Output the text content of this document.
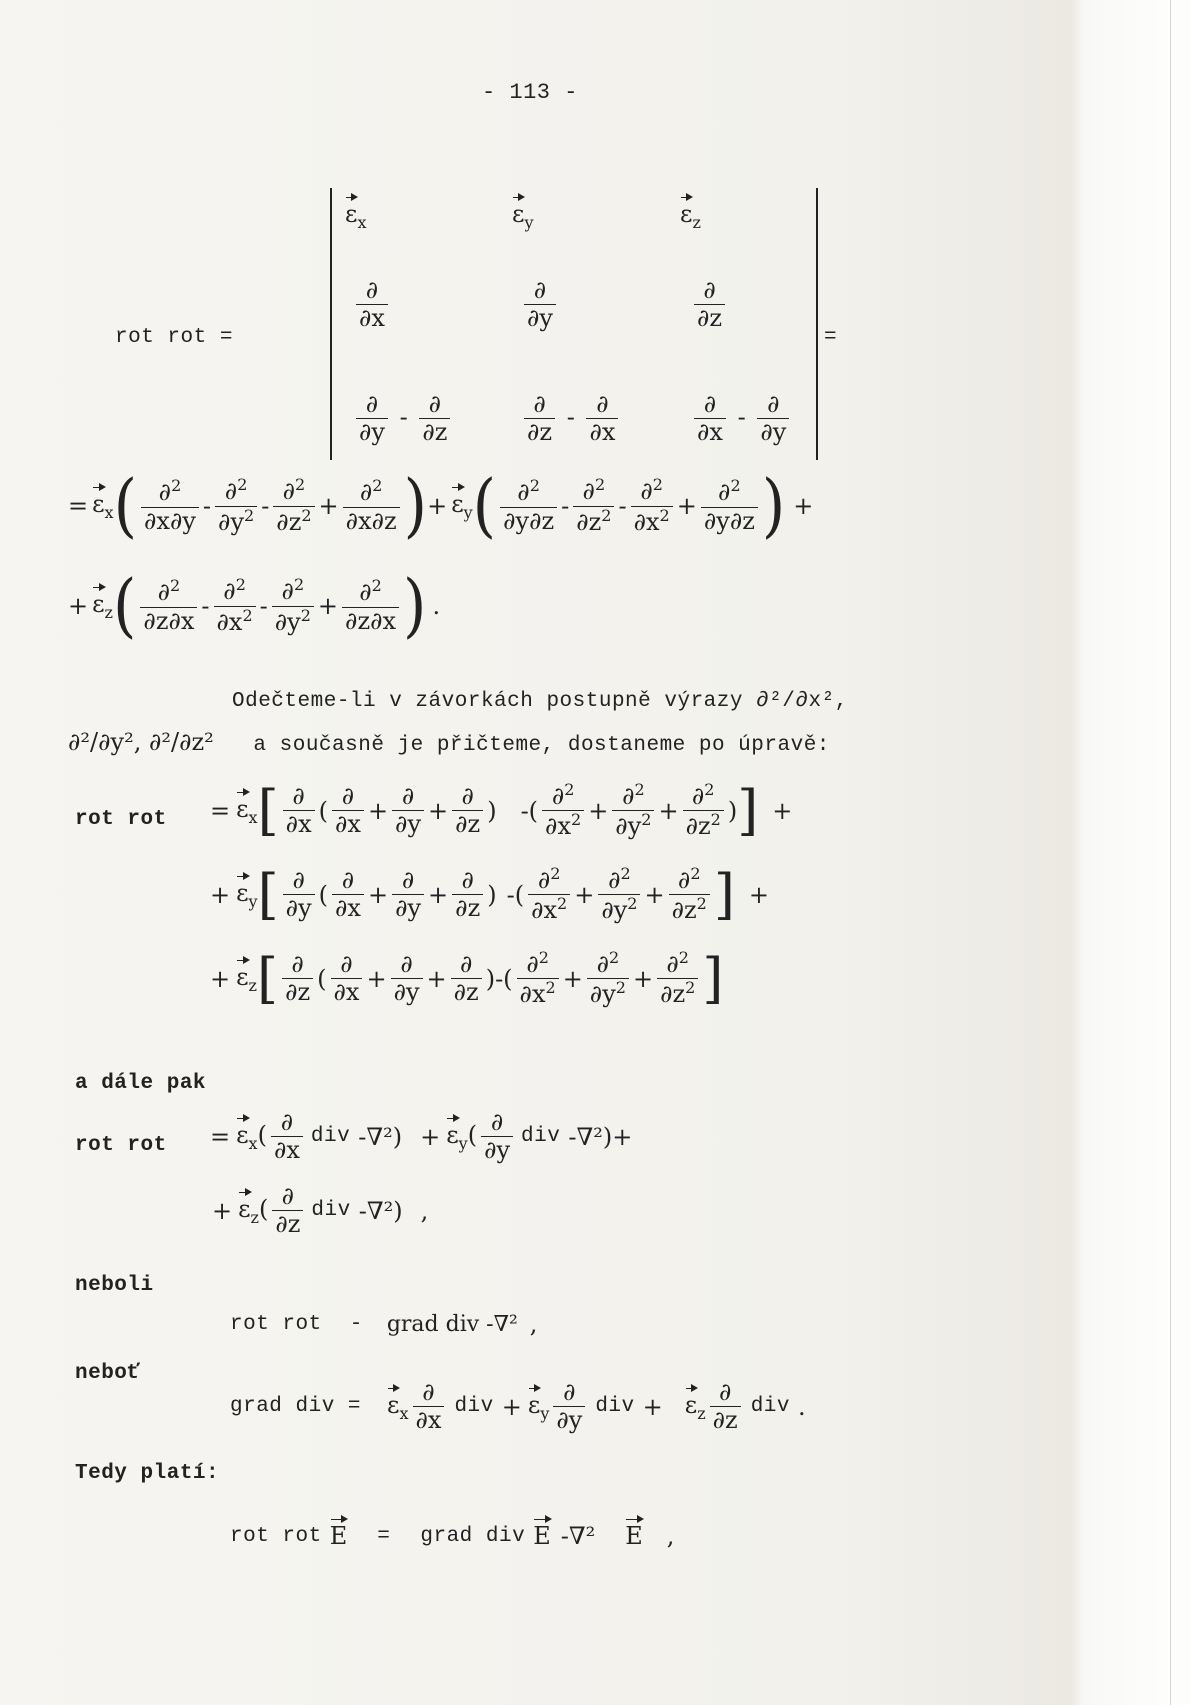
- 113 -
rot rot =	=
$\varepsilon_x$	$\varepsilon_y$	$\varepsilon_z$
$\frac{\partial}{\partial x}$	$\frac{\partial}{\partial y}$	$\frac{\partial}{\partial z}$
$\frac{\partial}{\partial y} - \frac{\partial}{\partial z}$	$\frac{\partial}{\partial z} - \frac{\partial}{\partial x}$	$\frac{\partial}{\partial x} - \frac{\partial}{\partial y}$
= $\varepsilon_x$ ( $\frac{\partial^2}{\partial x\partial y} - \frac{\partial^2}{\partial y^2} - \frac{\partial^2}{\partial z^2} + \frac{\partial^2}{\partial x\partial z}$ ) + $\varepsilon_y$ ( $\frac{\partial^2}{\partial y\partial z} - \frac{\partial^2}{\partial z^2} - \frac{\partial^2}{\partial x^2} + \frac{\partial^2}{\partial y\partial z}$ ) +
+ $\varepsilon_z$ ( $\frac{\partial^2}{\partial z\partial x} - \frac{\partial^2}{\partial x^2} - \frac{\partial^2}{\partial y^2} + \frac{\partial^2}{\partial z\partial x}$ ) .
Odečteme-li v závorkách postupně výrazy ∂²/∂x²,
∂²/∂y², ∂²/∂z² a současně je přičteme, dostaneme po úpravě:
rot rot = $\varepsilon_x$ [ $\frac{\partial}{\partial x}$ ( $\frac{\partial}{\partial x} + \frac{\partial}{\partial y} + \frac{\partial}{\partial z}$ ) -( $\frac{\partial^2}{\partial x^2} + \frac{\partial^2}{\partial y^2} + \frac{\partial^2}{\partial z^2}$ ) ] +
+ $\varepsilon_y$ [ $\frac{\partial}{\partial y}$ ( $\frac{\partial}{\partial x} + \frac{\partial}{\partial y} + \frac{\partial}{\partial z}$ ) -( $\frac{\partial^2}{\partial x^2} + \frac{\partial^2}{\partial y^2} + \frac{\partial^2}{\partial z^2}$ ] +
+ $\varepsilon_z$ [ $\frac{\partial}{\partial z}$ ( $\frac{\partial}{\partial x} + \frac{\partial}{\partial y} + \frac{\partial}{\partial z}$ )-( $\frac{\partial^2}{\partial x^2} + \frac{\partial^2}{\partial y^2} + \frac{\partial^2}{\partial z^2}$ ]
a dále pak
rot rot = $\varepsilon_x( \frac{\partial}{\partial x}$ div -∇² ) + $\varepsilon_y( \frac{\partial}{\partial y}$ div -∇² )+
+ $\varepsilon_z( \frac{\partial}{\partial z}$ div -∇² ) ,
neboli
rot rot - grad div -∇² ,
neboť
grad div = $\varepsilon_x \frac{\partial}{\partial x}$ div + $\varepsilon_y \frac{\partial}{\partial y}$ div + $\varepsilon_z \frac{\partial}{\partial z}$ div .
Tedy platí:
rot rot E = grad div E -∇² E ,
